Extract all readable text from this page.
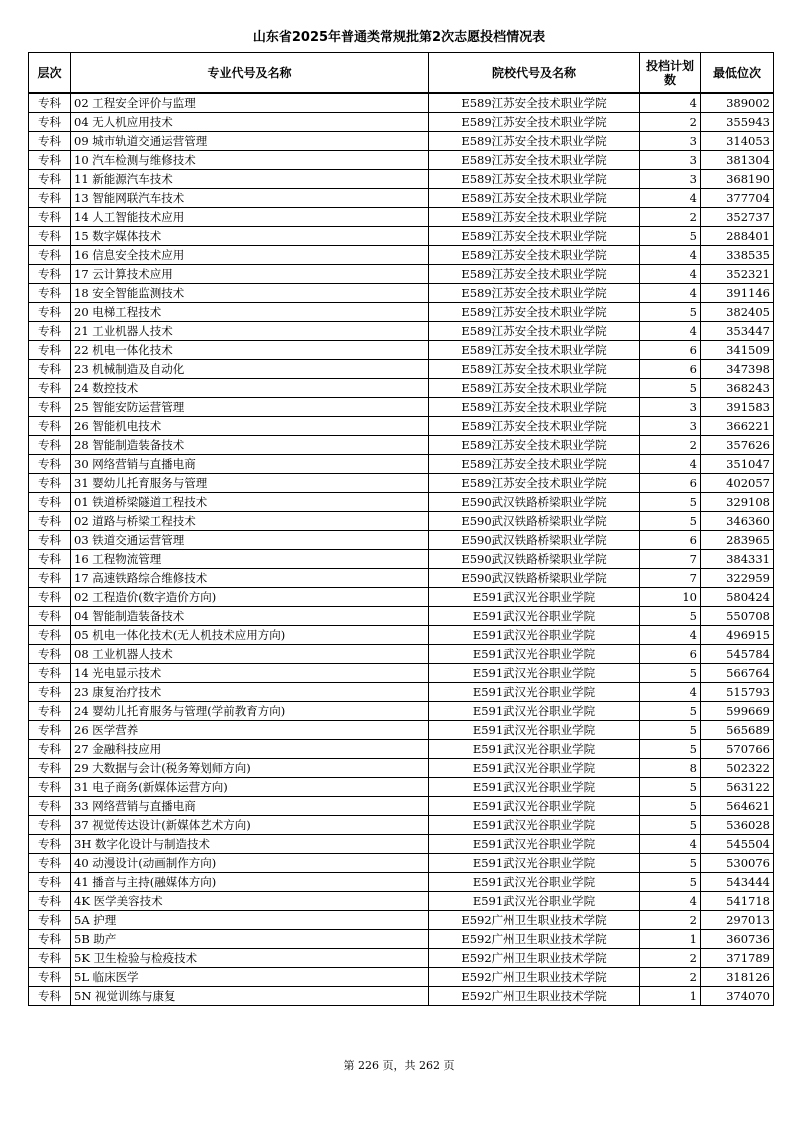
山东省2025年普通类常规批第2次志愿投档情况表
层次	专业代号及名称	院校代号及名称	投档计划数	最低位次
专科	02 工程安全评价与监理	E589江苏安全技术职业学院	4	389002
专科	04 无人机应用技术	E589江苏安全技术职业学院	2	355943
专科	09 城市轨道交通运营管理	E589江苏安全技术职业学院	3	314053
专科	10 汽车检测与维修技术	E589江苏安全技术职业学院	3	381304
专科	11 新能源汽车技术	E589江苏安全技术职业学院	3	368190
专科	13 智能网联汽车技术	E589江苏安全技术职业学院	4	377704
专科	14 人工智能技术应用	E589江苏安全技术职业学院	2	352737
专科	15 数字媒体技术	E589江苏安全技术职业学院	5	288401
专科	16 信息安全技术应用	E589江苏安全技术职业学院	4	338535
专科	17 云计算技术应用	E589江苏安全技术职业学院	4	352321
专科	18 安全智能监测技术	E589江苏安全技术职业学院	4	391146
专科	20 电梯工程技术	E589江苏安全技术职业学院	5	382405
专科	21 工业机器人技术	E589江苏安全技术职业学院	4	353447
专科	22 机电一体化技术	E589江苏安全技术职业学院	6	341509
专科	23 机械制造及自动化	E589江苏安全技术职业学院	6	347398
专科	24 数控技术	E589江苏安全技术职业学院	5	368243
专科	25 智能安防运营管理	E589江苏安全技术职业学院	3	391583
专科	26 智能机电技术	E589江苏安全技术职业学院	3	366221
专科	28 智能制造装备技术	E589江苏安全技术职业学院	2	357626
专科	30 网络营销与直播电商	E589江苏安全技术职业学院	4	351047
专科	31 婴幼儿托育服务与管理	E589江苏安全技术职业学院	6	402057
专科	01 铁道桥梁隧道工程技术	E590武汉铁路桥梁职业学院	5	329108
专科	02 道路与桥梁工程技术	E590武汉铁路桥梁职业学院	5	346360
专科	03 铁道交通运营管理	E590武汉铁路桥梁职业学院	6	283965
专科	16 工程物流管理	E590武汉铁路桥梁职业学院	7	384331
专科	17 高速铁路综合维修技术	E590武汉铁路桥梁职业学院	7	322959
专科	02 工程造价(数字造价方向)	E591武汉光谷职业学院	10	580424
专科	04 智能制造装备技术	E591武汉光谷职业学院	5	550708
专科	05 机电一体化技术(无人机技术应用方向)	E591武汉光谷职业学院	4	496915
专科	08 工业机器人技术	E591武汉光谷职业学院	6	545784
专科	14 光电显示技术	E591武汉光谷职业学院	5	566764
专科	23 康复治疗技术	E591武汉光谷职业学院	4	515793
专科	24 婴幼儿托育服务与管理(学前教育方向)	E591武汉光谷职业学院	5	599669
专科	26 医学营养	E591武汉光谷职业学院	5	565689
专科	27 金融科技应用	E591武汉光谷职业学院	5	570766
专科	29 大数据与会计(税务筹划师方向)	E591武汉光谷职业学院	8	502322
专科	31 电子商务(新媒体运营方向)	E591武汉光谷职业学院	5	563122
专科	33 网络营销与直播电商	E591武汉光谷职业学院	5	564621
专科	37 视觉传达设计(新媒体艺术方向)	E591武汉光谷职业学院	5	536028
专科	3H 数字化设计与制造技术	E591武汉光谷职业学院	4	545504
专科	40 动漫设计(动画制作方向)	E591武汉光谷职业学院	5	530076
专科	41 播音与主持(融媒体方向)	E591武汉光谷职业学院	5	543444
专科	4K 医学美容技术	E591武汉光谷职业学院	4	541718
专科	5A 护理	E592广州卫生职业技术学院	2	297013
专科	5B 助产	E592广州卫生职业技术学院	1	360736
专科	5K 卫生检验与检疫技术	E592广州卫生职业技术学院	2	371789
专科	5L 临床医学	E592广州卫生职业技术学院	2	318126
专科	5N 视觉训练与康复	E592广州卫生职业技术学院	1	374070
第 226 页，共 262 页
